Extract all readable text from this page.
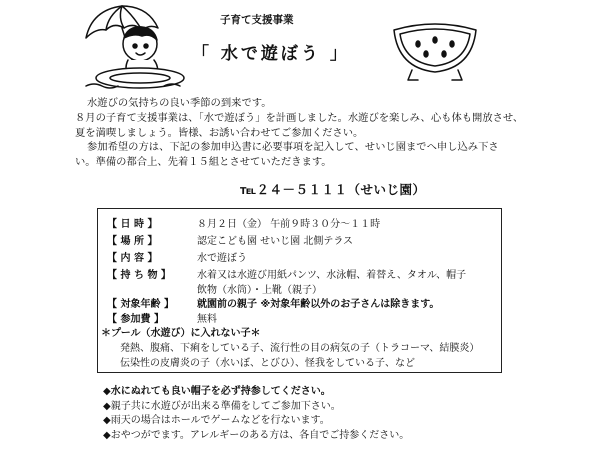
子育て支援事業
「 水で遊ぼう 」
水遊びの気持ちの良い季節の到来です。
８月の子育て支援事業は、「水で遊ぼう」を計画しました。水遊びを楽しみ、心も体も開放させ、
夏を満喫しましょう。皆様、お誘い合わせてご参加ください。
参加希望の方は、下記の参加申込書に必要事項を記入して、せいじ園までへ申し込み下さ
い。準備の都合上、先着１５組とさせていただきます。
℡２４－５１１１（せいじ園）
【 日 時 】	８月２日（金） 午前９時３０分～１１時
【 場 所 】	認定こども園 せいじ園 北側テラス
【 内 容 】	水で遊ぼう
【 持 ち 物 】	水着又は水遊び用紙パンツ、水泳帽、着替え、タオル、帽子
飲物（水筒）・上靴（親子）
【 対象年齢 】 就園前の親子 ※対象年齢以外のお子さんは除きます。
【 参加費 】	無料
＊プール（水遊び）に入れない子＊
発熱、腹痛、下痢をしている子、流行性の目の病気の子（トラコーマ、結膜炎）
伝染性の皮膚炎の子（水いぼ、とびひ）、怪我をしている子、など
◆水にぬれても良い帽子を必ず持参してください。
◆親子共に水遊びが出来る準備をしてご参加下さい。
◆雨天の場合はホールでゲームなどを行ないます。
◆おやつがでます。アレルギーのある方は、各自でご持参ください。
